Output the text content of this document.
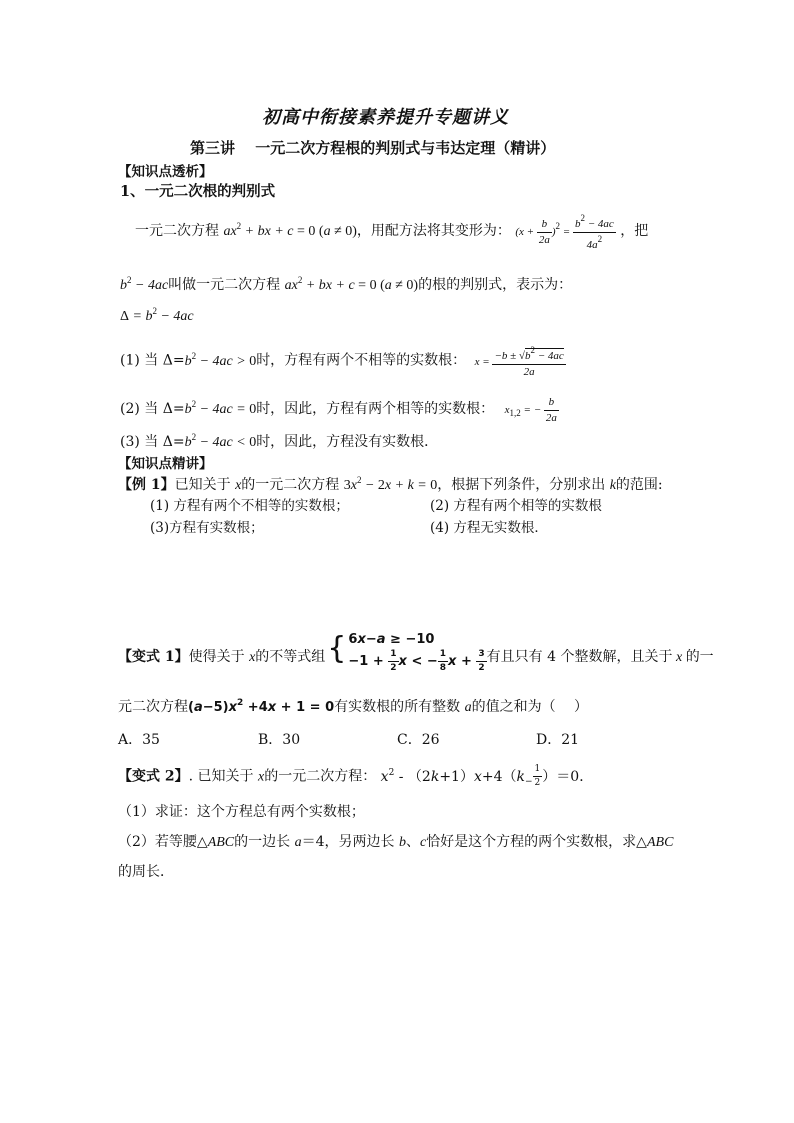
初高中衔接素养提升专题讲义
第三讲　 一元二次方程根的判别式与韦达定理（精讲）
【知识点透析】
1、一元二次根的判别式
一元二次方程 $ax^2$ + bx + c = 0 (a ≠ 0)，用配方法将其变形为： $(x + \frac{b}{2a} )^2 = \frac{b^2 - 4ac}{4a^2}$ ，把
$b^2 - 4ac$叫做一元二次方程 $ax^2$ + bx + c = 0 (a ≠ 0)的根的判别式，表示为：
$\Delta = b^2 - 4ac$
(1) 当 $\Delta=b^2 - 4ac > 0$时，方程有两个不相等的实数根： $x = \frac{-b \pm √b^2 - 4ac}{2a}$
(2) 当 $\Delta=b^2 - 4ac = 0$时，因此，方程有两个相等的实数根： $x_{1,2}$ = − $\frac{b}{2a}$
(3) 当 $\Delta=b^2 - 4ac < 0$时，因此，方程没有实数根．
【知识点精讲】
【例 1】已知关于 x的一元二次方程 $3x^2 - 2x + k = 0$，根据下列条件，分别求出 k的范围:
(1) 方程有两个不相等的实数根；	(2) 方程有两个相等的实数根
(3)方程有实数根；	(4) 方程无实数根．
【变式 1】使得关于 x的不等式组{ 6x−a ≥ −10
$-1 + \frac{1}{2}$ x < − $\frac{1}{8}$ $x + \frac{3}{2}$ 有且只有 4 个整数解，且关于 x 的一
元二次方程$(a-5)x^2 +4x + 1 = 0$有实数根的所有整数 a的值之和为（　 ）
A．35	B．30	C．26	D．21
【变式 2】. 已知关于 x的一元二次方程： $x^2 - (2k+1)x+4(k_- \frac{1}{2} )=0$．
（1）求证：这个方程总有两个实数根；
（2）若等腰△ABC的一边长 a＝4，另两边长 b、c恰好是这个方程的两个实数根，求△ABC
的周长．
